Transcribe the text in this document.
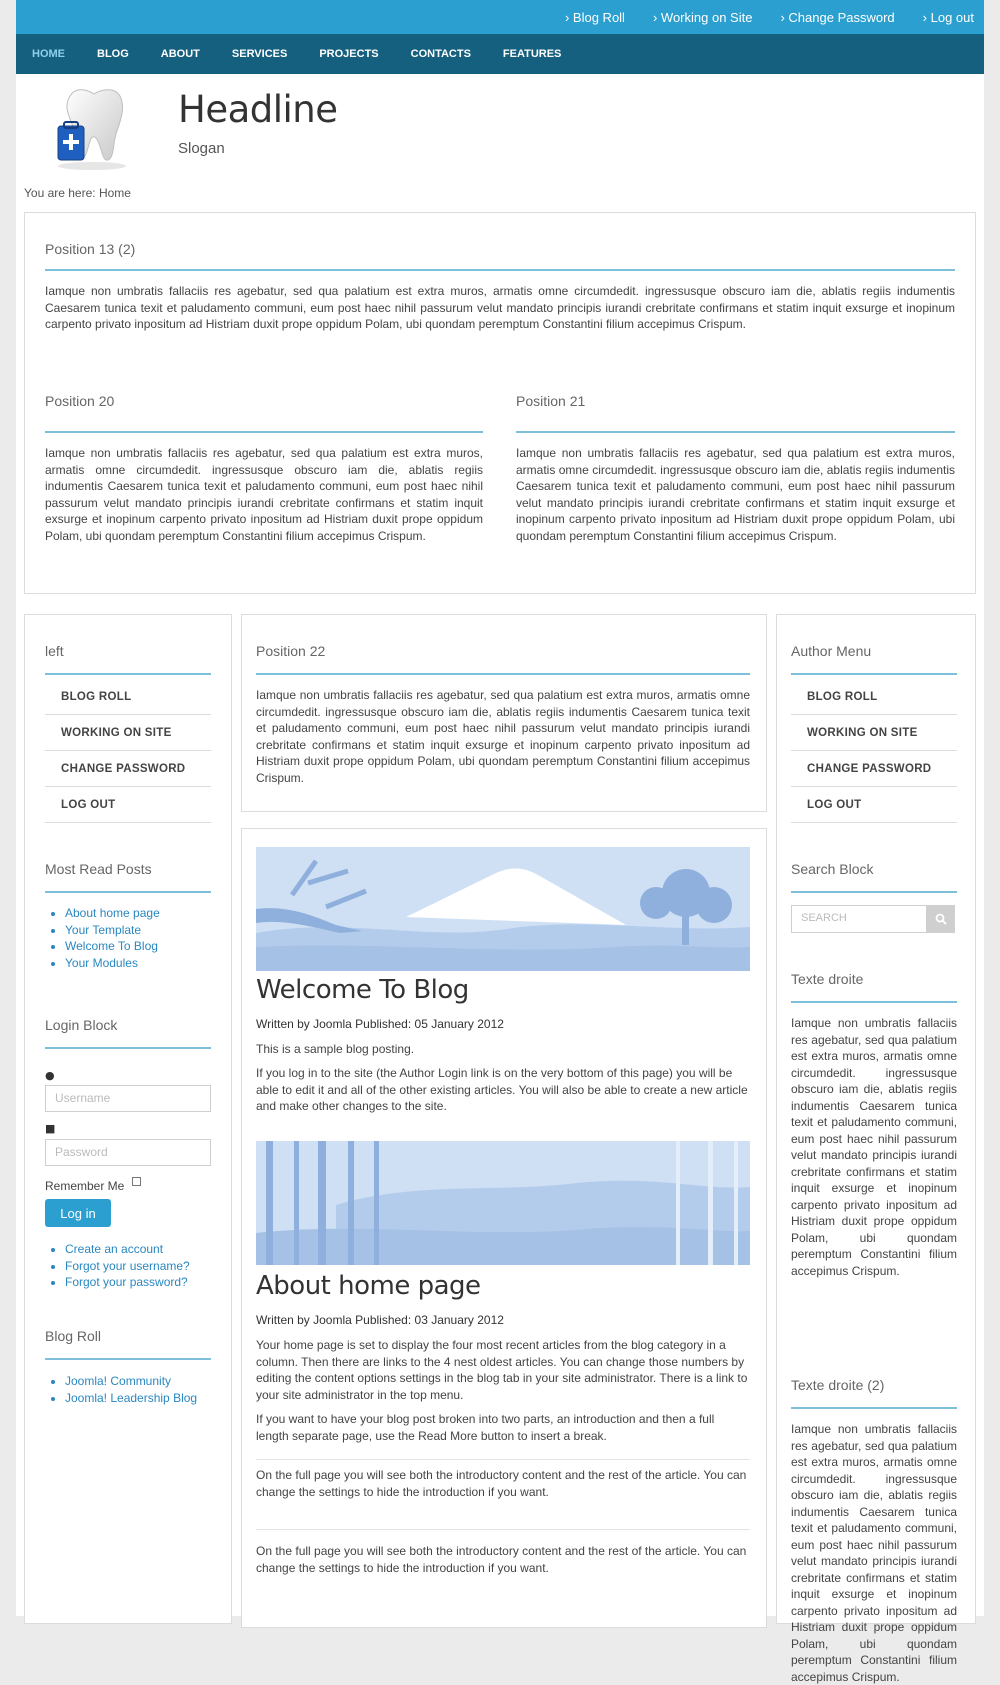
› Blog Roll › Working on Site › Change Password › Log out
HOME	BLOG	ABOUT	SERVICES	PROJECTS	CONTACTS	FEATURES
Headline
Slogan
You are here: Home
Position 13 (2)
Iamque non umbratis fallaciis res agebatur, sed qua palatium est extra muros, armatis omne circumdedit. ingressusque obscuro iam die, ablatis regiis indumentis Caesarem tunica texit et paludamento communi, eum post haec nihil passurum velut mandato principis iurandi crebritate confirmans et statim inquit exsurge et inopinum carpento privato inpositum ad Histriam duxit prope oppidum Polam, ubi quondam peremptum Constantini filium accepimus Crispum.
Position 20
Iamque non umbratis fallaciis res agebatur, sed qua palatium est extra muros, armatis omne circumdedit. ingressusque obscuro iam die, ablatis regiis indumentis Caesarem tunica texit et paludamento communi, eum post haec nihil passurum velut mandato principis iurandi crebritate confirmans et statim inquit exsurge et inopinum carpento privato inpositum ad Histriam duxit prope oppidum Polam, ubi quondam peremptum Constantini filium accepimus Crispum.
Position 21
Iamque non umbratis fallaciis res agebatur, sed qua palatium est extra muros, armatis omne circumdedit. ingressusque obscuro iam die, ablatis regiis indumentis Caesarem tunica texit et paludamento communi, eum post haec nihil passurum velut mandato principis iurandi crebritate confirmans et statim inquit exsurge et inopinum carpento privato inpositum ad Histriam duxit prope oppidum Polam, ubi quondam peremptum Constantini filium accepimus Crispum.
left
BLOG ROLL
WORKING ON SITE
CHANGE PASSWORD
LOG OUT
Most Read Posts
• About home page
• Your Template
• Welcome To Blog
• Your Modules
Login Block
●
Username
■
Password
Remember Me
Log in
• Create an account
• Forgot your username?
• Forgot your password?
Blog Roll
• Joomla! Community
• Joomla! Leadership Blog
Position 22
Iamque non umbratis fallaciis res agebatur, sed qua palatium est extra muros, armatis omne circumdedit. ingressusque obscuro iam die, ablatis regiis indumentis Caesarem tunica texit et paludamento communi, eum post haec nihil passurum velut mandato principis iurandi crebritate confirmans et statim inquit exsurge et inopinum carpento privato inpositum ad Histriam duxit prope oppidum Polam, ubi quondam peremptum Constantini filium accepimus Crispum.
Welcome To Blog
Written by Joomla Published: 05 January 2012
This is a sample blog posting.
If you log in to the site (the Author Login link is on the very bottom of this page) you will be able to edit it and all of the other existing articles. You will also be able to create a new article and make other changes to the site.
About home page
Written by Joomla Published: 03 January 2012
Your home page is set to display the four most recent articles from the blog category in a column. Then there are links to the 4 nest oldest articles. You can change those numbers by editing the content options settings in the blog tab in your site administrator. There is a link to your site administrator in the top menu.
If you want to have your blog post broken into two parts, an introduction and then a full length separate page, use the Read More button to insert a break.
On the full page you will see both the introductory content and the rest of the article. You can change the settings to hide the introduction if you want.
On the full page you will see both the introductory content and the rest of the article. You can change the settings to hide the introduction if you want.
Author Menu
BLOG ROLL
WORKING ON SITE
CHANGE PASSWORD
LOG OUT
Search Block
SEARCH
Texte droite
Iamque non umbratis fallaciis res agebatur, sed qua palatium est extra muros, armatis omne circumdedit. ingressusque obscuro iam die, ablatis regiis indumentis Caesarem tunica texit et paludamento communi, eum post haec nihil passurum velut mandato principis iurandi crebritate confirmans et statim inquit exsurge et inopinum carpento privato inpositum ad Histriam duxit prope oppidum Polam, ubi quondam peremptum Constantini filium accepimus Crispum.
Texte droite (2)
Iamque non umbratis fallaciis res agebatur, sed qua palatium est extra muros, armatis omne circumdedit. ingressusque obscuro iam die, ablatis regiis indumentis Caesarem tunica texit et paludamento communi, eum post haec nihil passurum velut mandato principis iurandi crebritate confirmans et statim inquit exsurge et inopinum carpento privato inpositum ad Histriam duxit prope oppidum Polam, ubi quondam peremptum Constantini filium accepimus Crispum.
